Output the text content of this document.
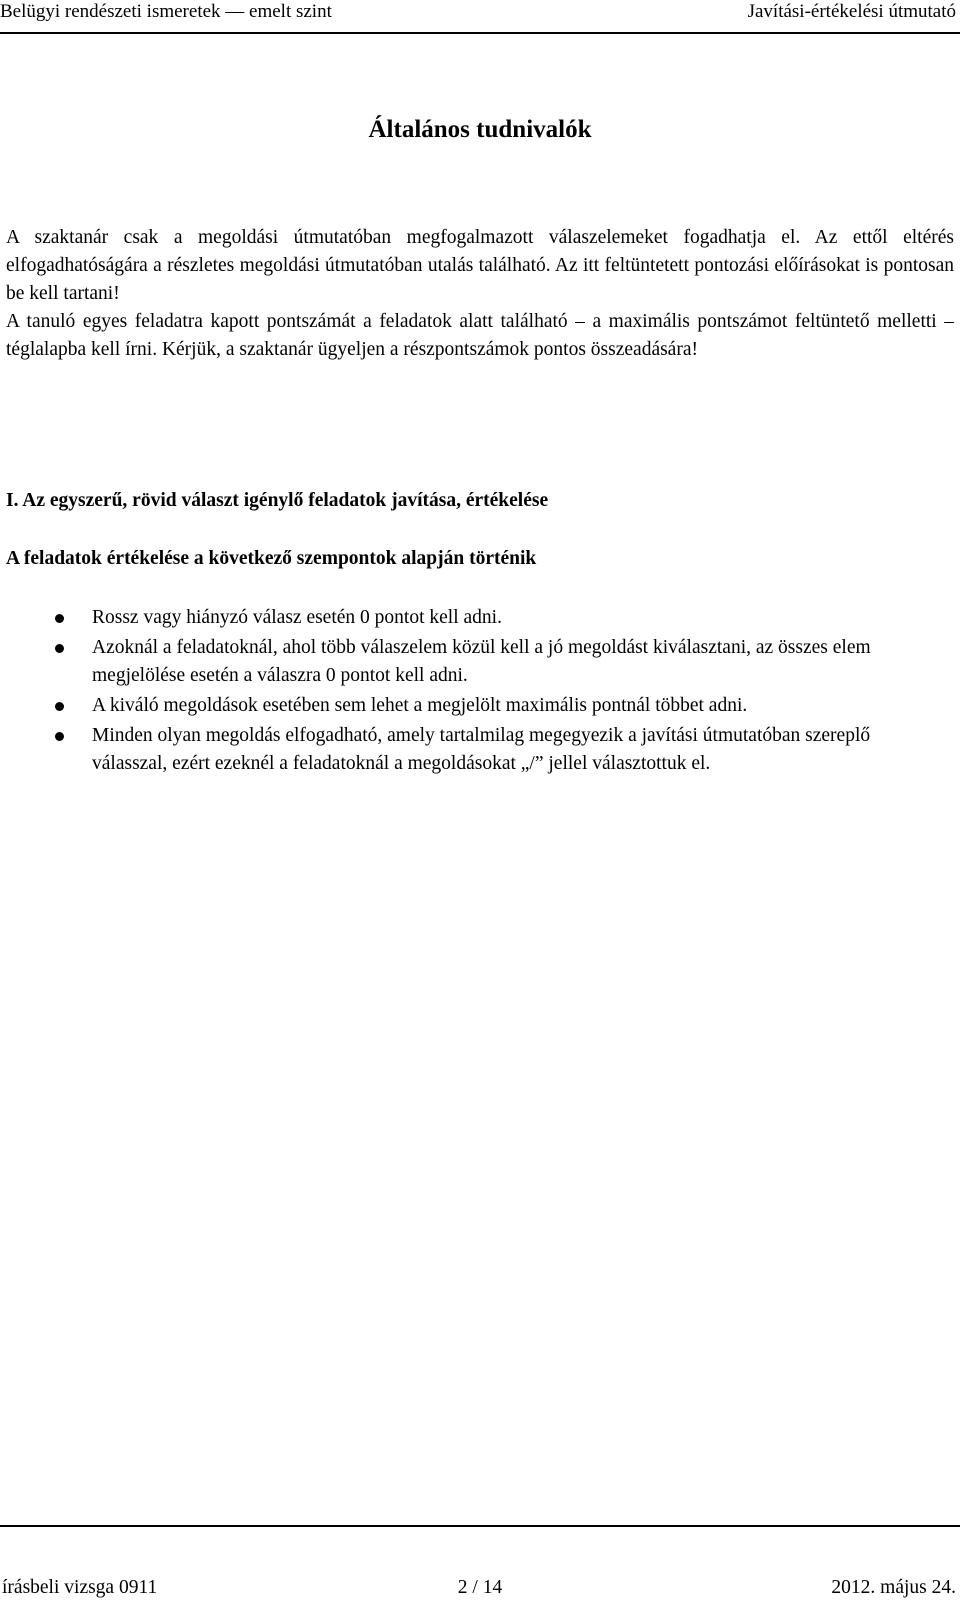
Belügyi rendészeti ismeretek — emelt szint	Javítási-értékelési útmutató
Általános tudnivalók

A szaktanár csak a megoldási útmutatóban megfogalmazott válaszelemeket fogadhatja el. Az ettől eltérés elfogadhatóságára a részletes megoldási útmutatóban utalás található. Az itt feltüntetett pontozási előírásokat is pontosan be kell tartani!

A tanuló egyes feladatra kapott pontszámát a feladatok alatt található – a maximális pontszámot feltüntető melletti – téglalapba kell írni. Kérjük, a szaktanár ügyeljen a részpontszámok pontos összeadására!

I. Az egyszerű, rövid választ igénylő feladatok javítása, értékelése
A feladatok értékelése a következő szempontok alapján történik
Rossz vagy hiányzó válasz esetén 0 pontot kell adni.
Azoknál a feladatoknál, ahol több válaszelem közül kell a jó megoldást kiválasztani, az összes elem megjelölése esetén a válaszra 0 pontot kell adni.
A kiváló megoldások esetében sem lehet a megjelölt maximális pontnál többet adni.
Minden olyan megoldás elfogadható, amely tartalmilag megegyezik a javítási útmutatóban szereplő válasszal, ezért ezeknél a feladatoknál a megoldásokat „/” jellel választottuk el.
írásbeli vizsga 0911	2 / 14	2012. május 24.
